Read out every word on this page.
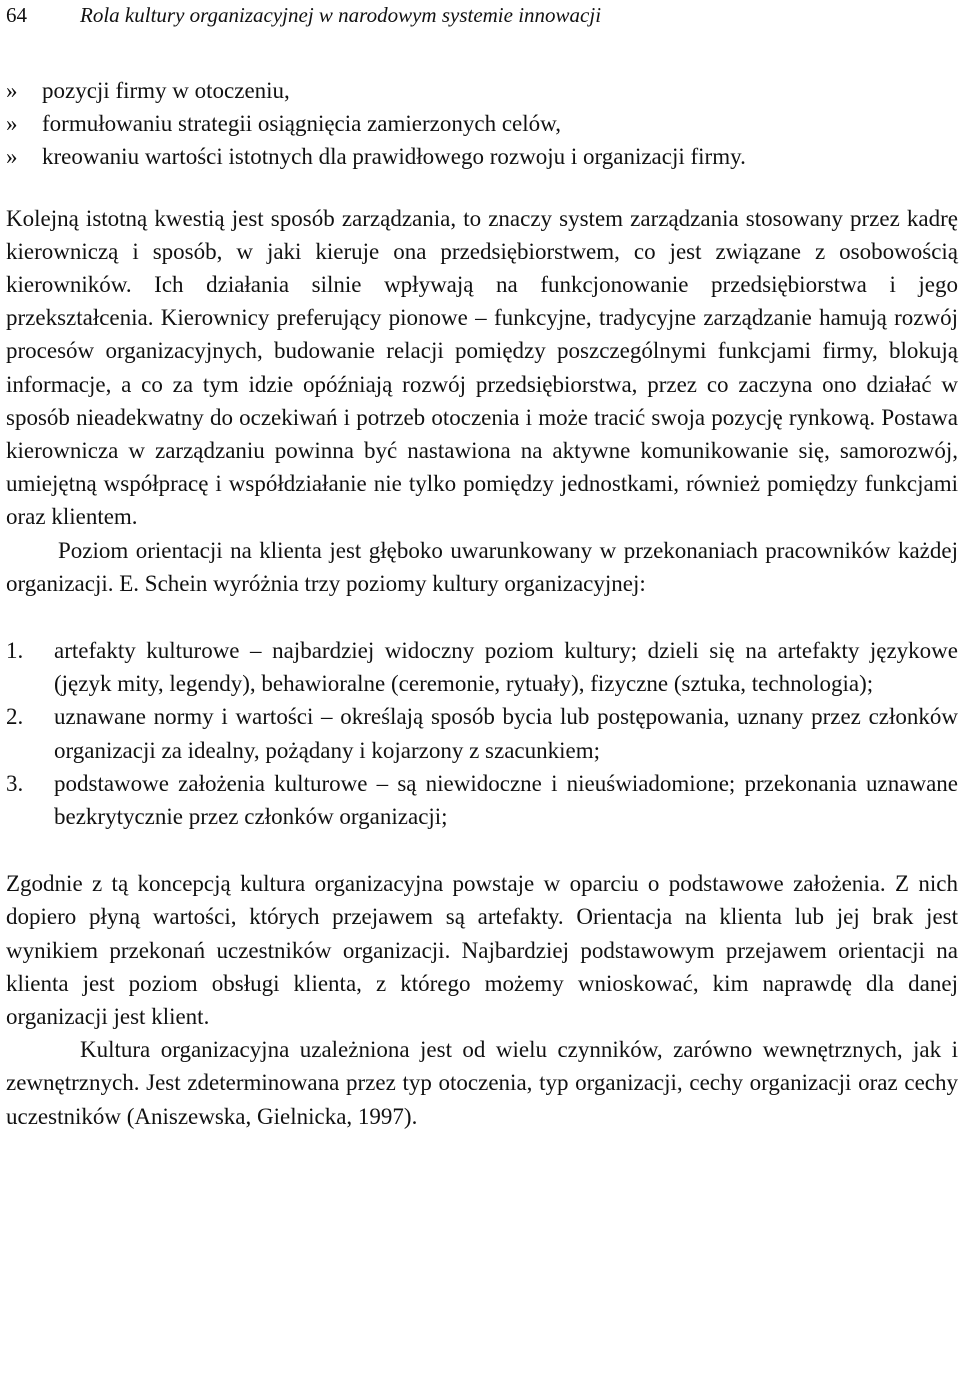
64	Rola kultury organizacyjnej w narodowym systemie innowacji
» pozycji firmy w otoczeniu,
» formułowaniu strategii osiągnięcia zamierzonych celów,
» kreowaniu wartości istotnych dla prawidłowego rozwoju i organizacji firmy.

Kolejną istotną kwestią jest sposób zarządzania, to znaczy system zarządzania stosowany przez kadrę kierowniczą i sposób, w jaki kieruje ona przedsiębiorstwem, co jest związane z osobowością kierowników. Ich działania silnie wpływają na funkcjonowanie przedsiębiorstwa i jego przekształcenia. Kierownicy preferujący pionowe – funkcyjne, tradycyjne zarządzanie hamują rozwój procesów organizacyjnych, budowanie relacji pomiędzy poszczególnymi funkcjami firmy, blokują informacje, a co za tym idzie opóźniają rozwój przedsiębiorstwa, przez co zaczyna ono działać w sposób nieadekwatny do oczekiwań i potrzeb otoczenia i może tracić swoja pozycję rynkową. Postawa kierownicza w zarządzaniu powinna być nastawiona na aktywne komunikowanie się, samorozwój, umiejętną współpracę i współdziałanie nie tylko pomiędzy jednostkami, również pomiędzy funkcjami oraz klientem.

Poziom orientacji na klienta jest głęboko uwarunkowany w przekonaniach pracowników każdej organizacji. E. Schein wyróżnia trzy poziomy kultury organizacyjnej:

1. artefakty kulturowe – najbardziej widoczny poziom kultury; dzieli się na artefakty językowe (język mity, legendy), behawioralne (ceremonie, rytuały), fizyczne (sztuka, technologia);
2. uznawane normy i wartości – określają sposób bycia lub postępowania, uznany przez członków organizacji za idealny, pożądany i kojarzony z szacunkiem;
3. podstawowe założenia kulturowe – są niewidoczne i nieuświadomione; przekonania uznawane bezkrytycznie przez członków organizacji;

Zgodnie z tą koncepcją kultura organizacyjna powstaje w oparciu o podstawowe założenia. Z nich dopiero płyną wartości, których przejawem są artefakty. Orientacja na klienta lub jej brak jest wynikiem przekonań uczestników organizacji. Najbardziej podstawowym przejawem orientacji na klienta jest poziom obsługi klienta, z którego możemy wnioskować, kim naprawdę dla danej organizacji jest klient.

Kultura organizacyjna uzależniona jest od wielu czynników, zarówno wewnętrznych, jak i zewnętrznych. Jest zdeterminowana przez typ otoczenia, typ organizacji, cechy organizacji oraz cechy uczestników (Aniszewska, Gielnicka, 1997).
